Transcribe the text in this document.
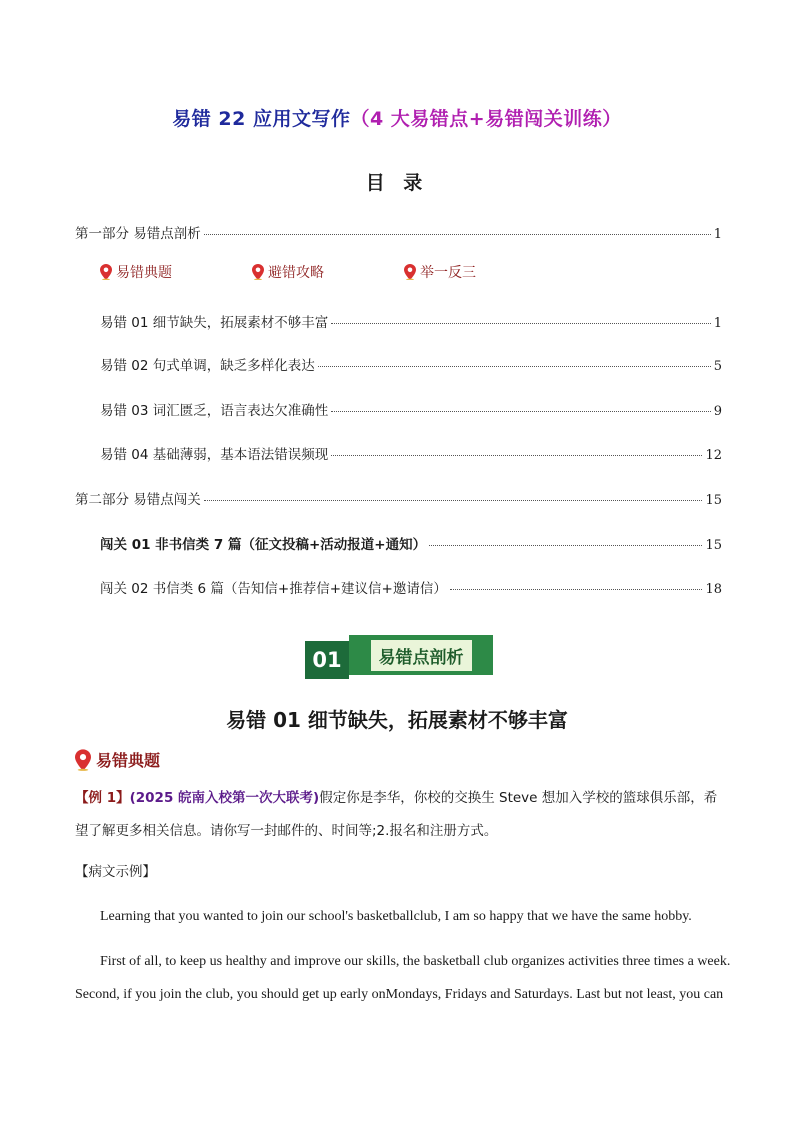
易错 22 应用文写作（4 大易错点+易错闯关训练）
目 录
第一部分 易错点剖析	1
易错典题	避错攻略	举一反三
易错 01 细节缺失，拓展素材不够丰富	1
易错 02 句式单调，缺乏多样化表达	5
易错 03 词汇匮乏，语言表达欠准确性	9
易错 04 基础薄弱，基本语法错误频现	12
第二部分 易错点闯关	15
闯关 01 非书信类 7 篇（征文投稿+活动报道+通知）	15
闯关 02 书信类 6 篇（告知信+推荐信+建议信+邀请信）	18
01	易错点剖析
易错 01 细节缺失，拓展素材不够丰富
易错典题
【例 1】(2025 皖南入校第一次大联考)假定你是李华，你校的交换生 Steve 想加入学校的篮球俱乐部，希
望了解更多相关信息。请你写一封邮件的、时间等;2.报名和注册方式。
【病文示例】
Learning that you wanted to join our school's basketballclub, I am so happy that we have the same hobby.
First of all, to keep us healthy and improve our skills, the basketball club organizes activities three times a week.
Second, if you join the club, you should get up early onMondays, Fridays and Saturdays. Last but not least, you can
